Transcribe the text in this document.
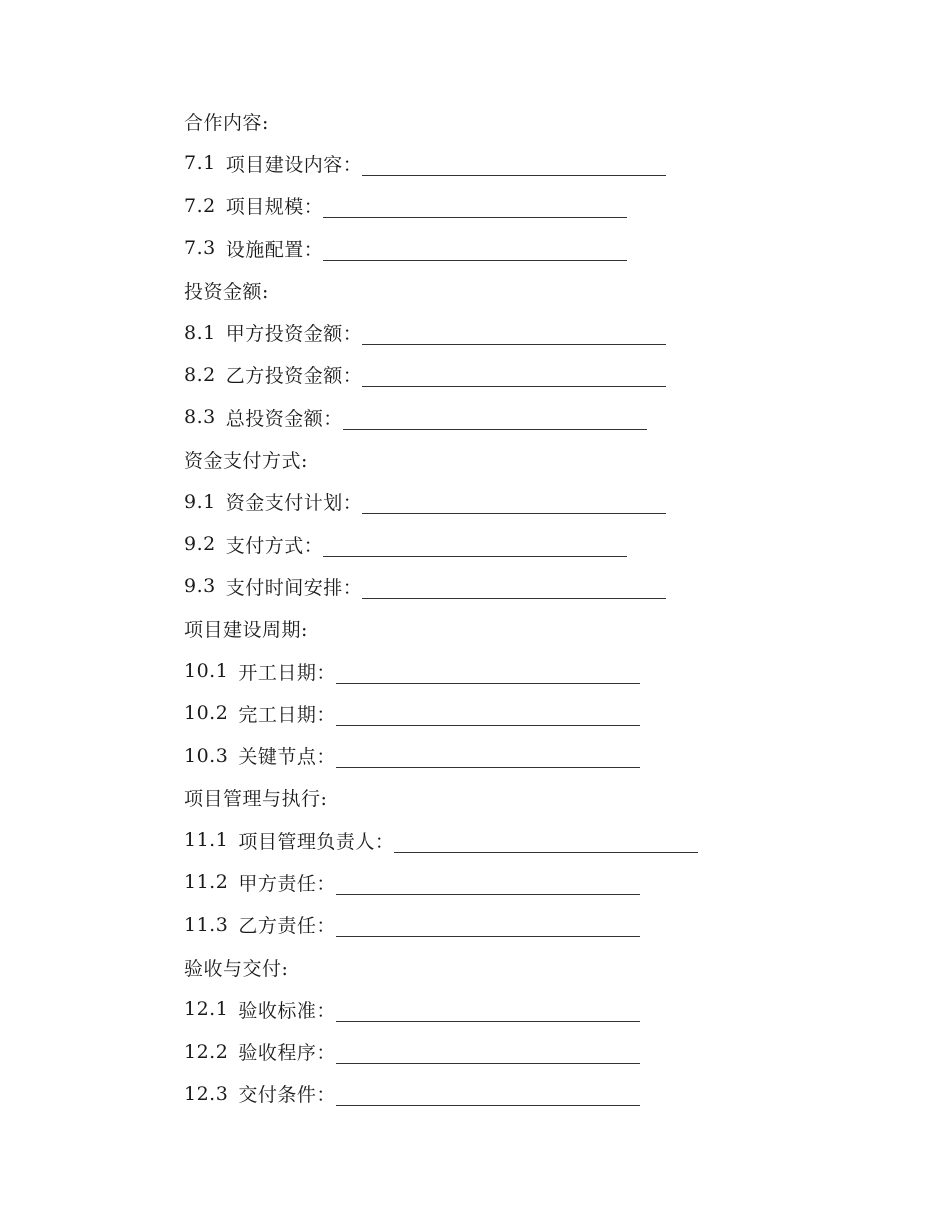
合作内容:
7.1 项目建设内容：
7.2 项目规模：
7.3 设施配置：
投资金额:
8.1 甲方投资金额：
8.2 乙方投资金额：
8.3 总投资金额：
资金支付方式:
9.1 资金支付计划：
9.2 支付方式：
9.3 支付时间安排：
项目建设周期:
10.1 开工日期：
10.2 完工日期：
10.3 关键节点：
项目管理与执行:
11.1 项目管理负责人：
11.2 甲方责任：
11.3 乙方责任：
验收与交付:
12.1 验收标准：
12.2 验收程序：
12.3 交付条件：
